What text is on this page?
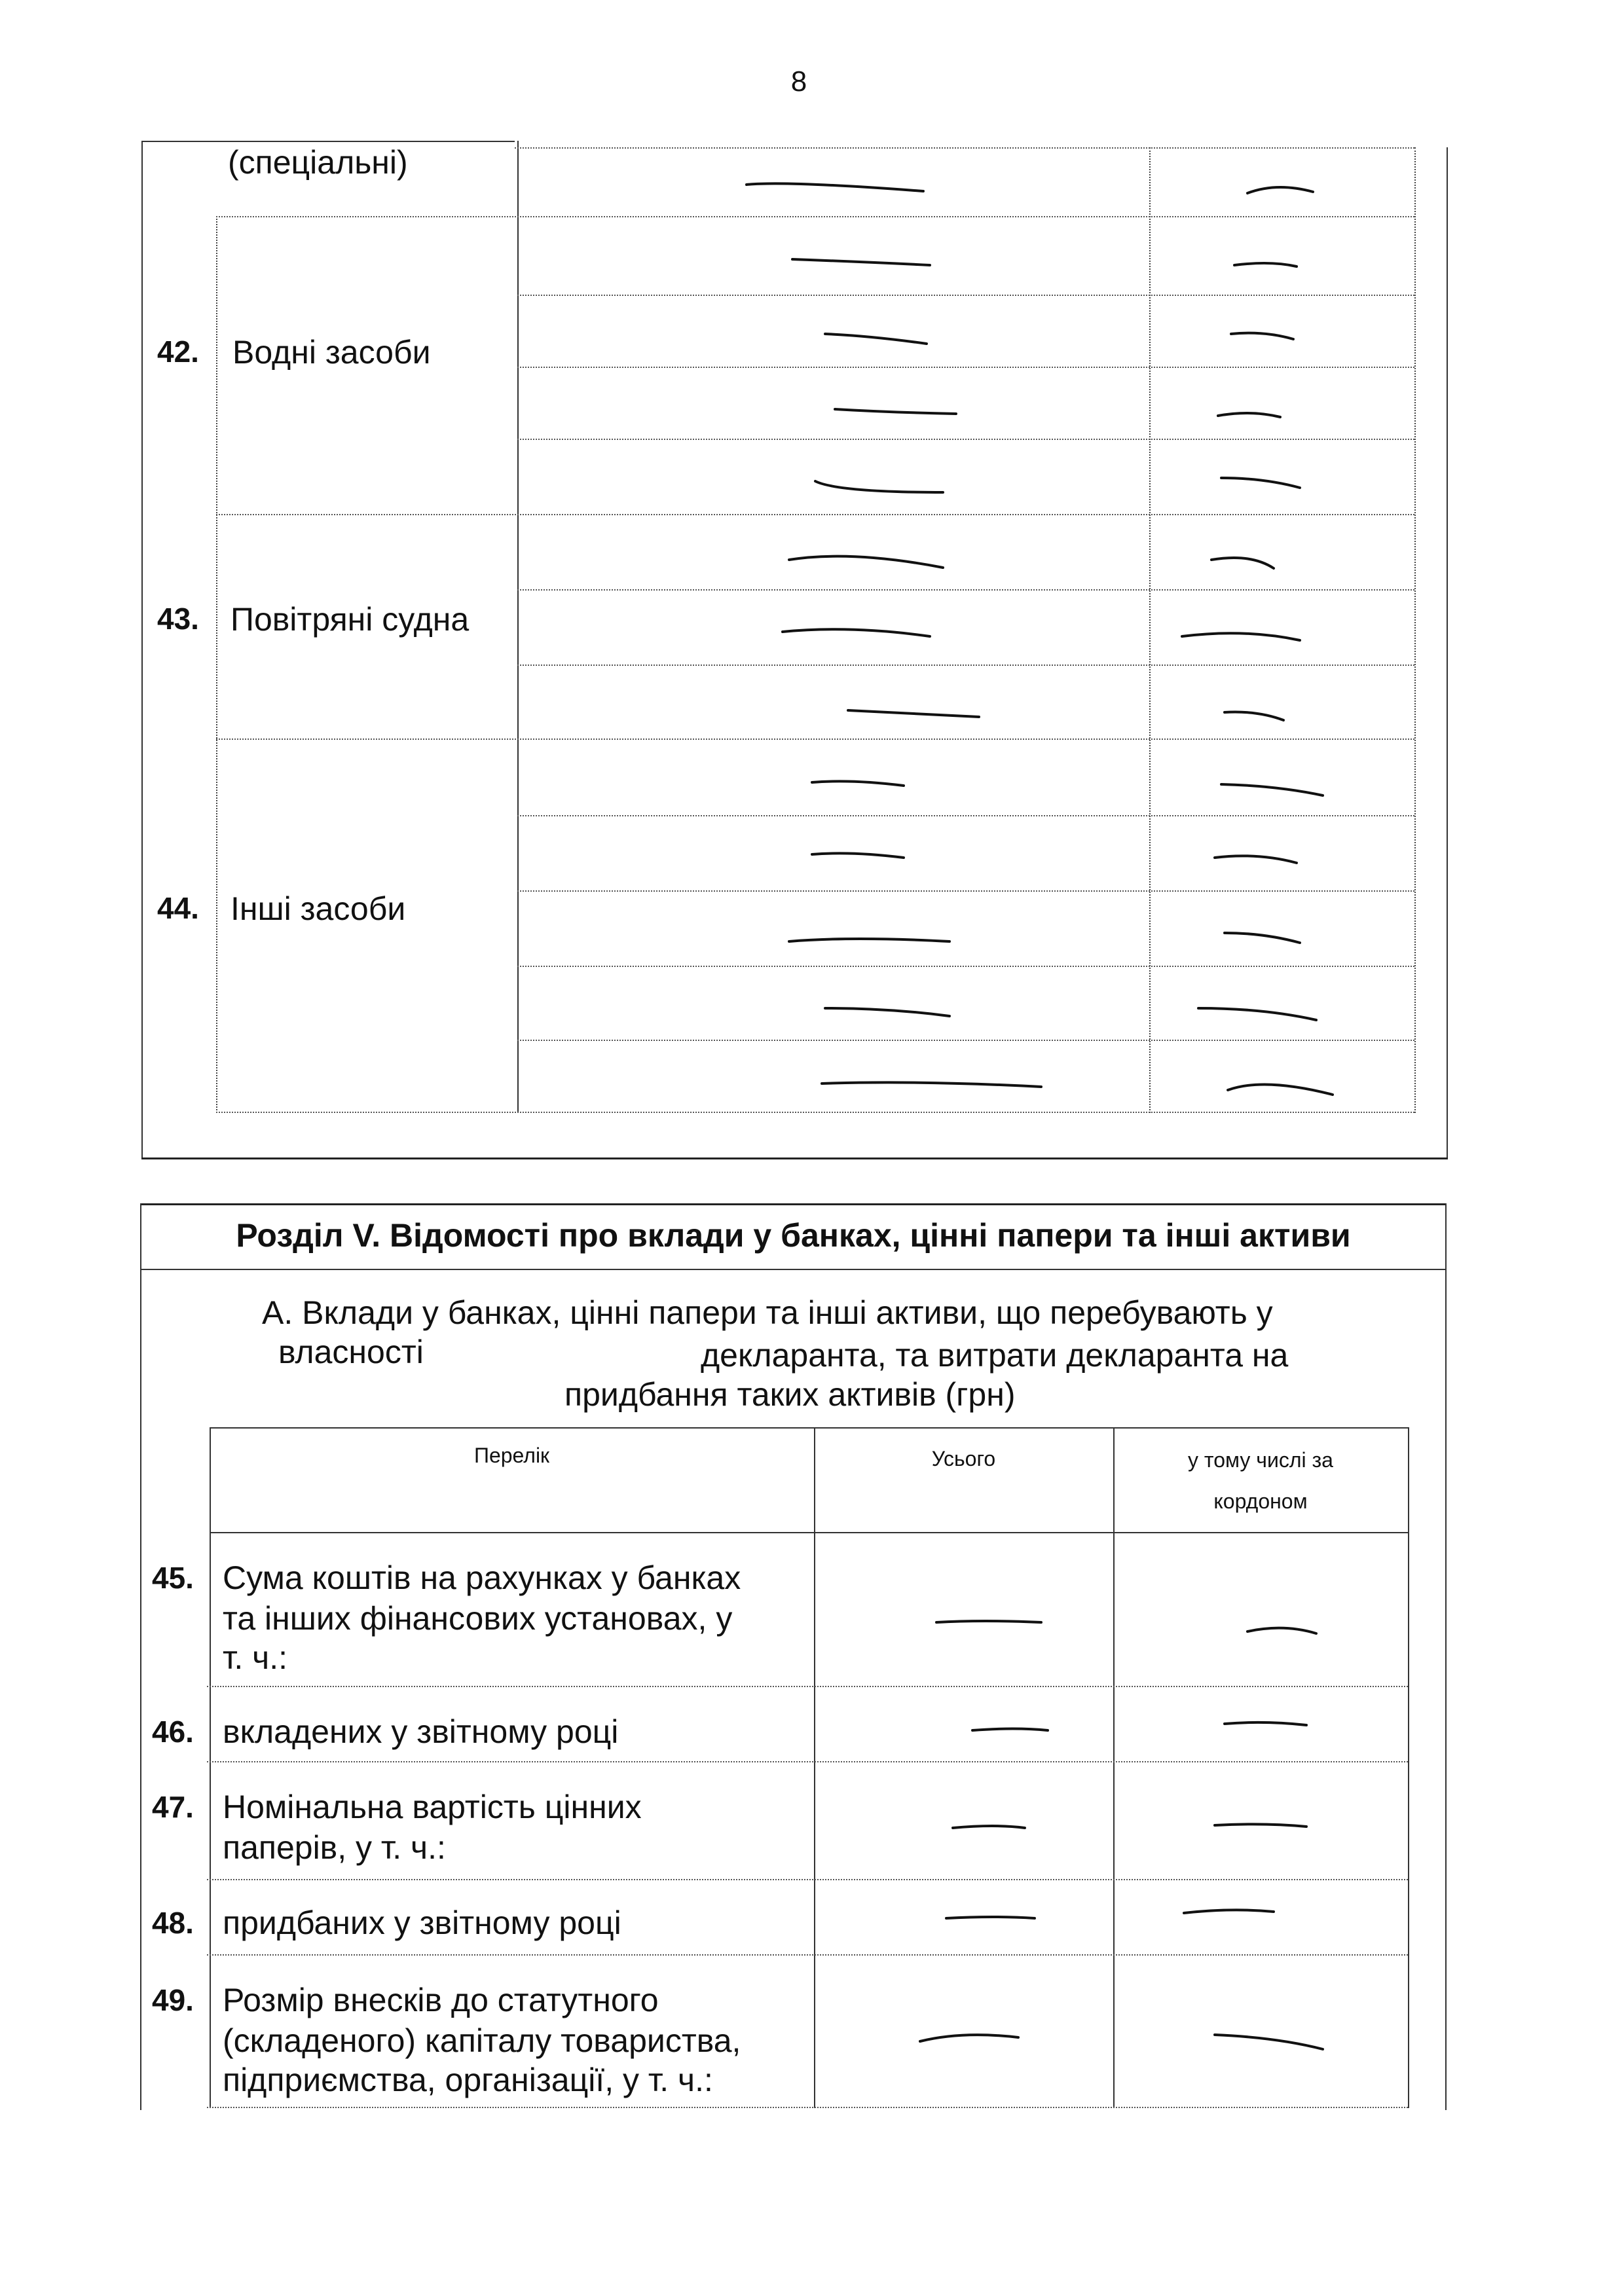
8
(спеціальні)
42. Водні засоби
43. Повітряні судна
44. Інші засоби
Розділ V. Відомості про вклади у банках, цінні папери та інші активи
А. Вклади у банках, цінні папери та інші активи, що перебувають у
власності	декларанта, та витрати декларанта на
придбання таких активів (грн)
Перелік	Усього	у тому числі за
кордоном
45. Сума коштів на рахунках у банках
та інших фінансових установах, у
т. ч.:
46. вкладених у звітному році
47. Номінальна вартість цінних
паперів, у т. ч.:
48. придбаних у звітному році
49. Розмір внесків до статутного
(складеного) капіталу товариства,
підприємства, організації, у т. ч.:
